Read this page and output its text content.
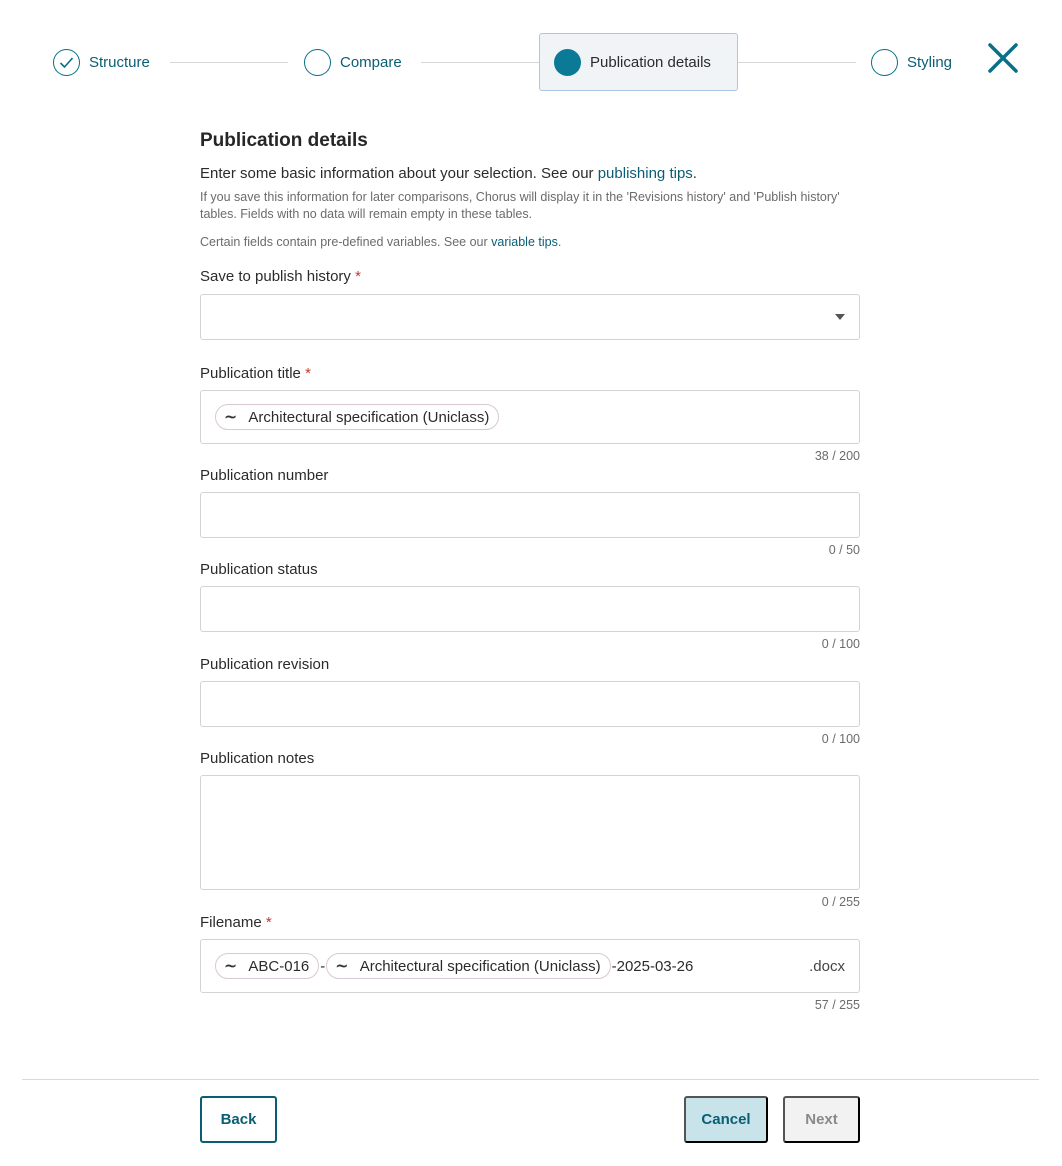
Structure	Compare	Publication details	Styling
Publication details
Enter some basic information about your selection. See our publishing tips.
If you save this information for later comparisons, Chorus will display it in the 'Revisions history' and 'Publish history' tables. Fields with no data will remain empty in these tables.
Certain fields contain pre-defined variables. See our variable tips.
Save to publish history *
Publication title *
∼ Architectural specification (Uniclass)
38 / 200
Publication number
0 / 50
Publication status
0 / 100
Publication revision
0 / 100
Publication notes
0 / 255
Filename *
∼ ABC-016 - ∼ Architectural specification (Uniclass) -2025-03-26	.docx
57 / 255
Back	Cancel	Next
